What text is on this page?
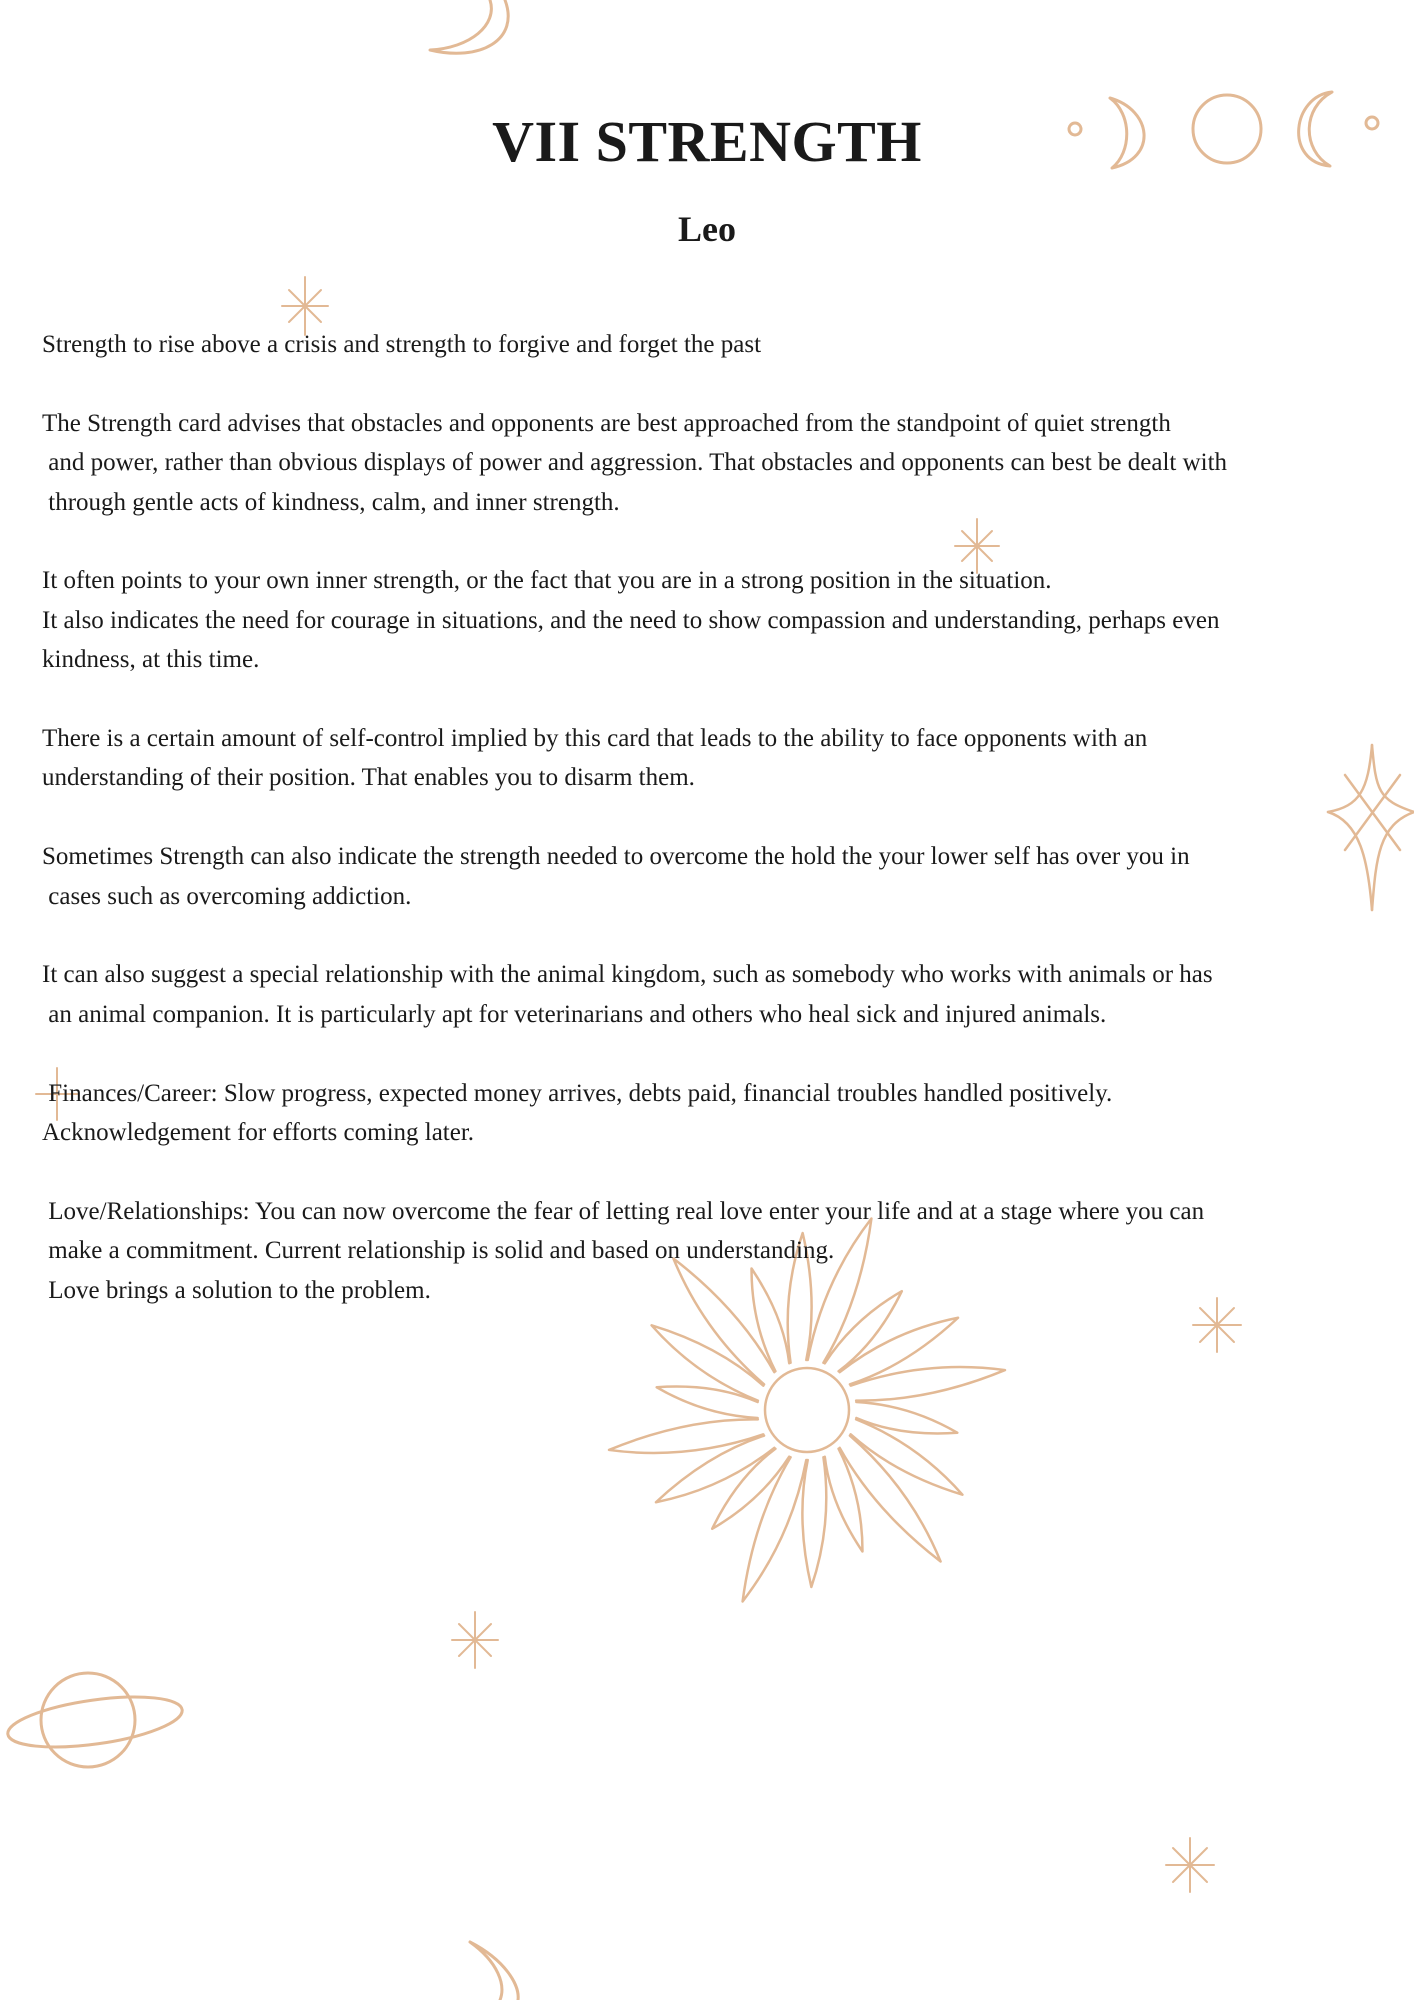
VII STRENGTH
Leo
Strength to rise above a crisis and strength to forgive and forget the past
The Strength card advises that obstacles and opponents are best approached from the standpoint of quiet strength
and power, rather than obvious displays of power and aggression. That obstacles and opponents can best be dealt with
through gentle acts of kindness, calm, and inner strength.
It often points to your own inner strength, or the fact that you are in a strong position in the situation.
It also indicates the need for courage in situations, and the need to show compassion and understanding, perhaps even
kindness, at this time.
There is a certain amount of self-control implied by this card that leads to the ability to face opponents with an
understanding of their position. That enables you to disarm them.
Sometimes Strength can also indicate the strength needed to overcome the hold the your lower self has over you in
cases such as overcoming addiction.
It can also suggest a special relationship with the animal kingdom, such as somebody who works with animals or has
an animal companion. It is particularly apt for veterinarians and others who heal sick and injured animals.
Finances/Career: Slow progress, expected money arrives, debts paid, financial troubles handled positively.
Acknowledgement for efforts coming later.
Love/Relationships: You can now overcome the fear of letting real love enter your life and at a stage where you can
make a commitment. Current relationship is solid and based on understanding.
Love brings a solution to the problem.
